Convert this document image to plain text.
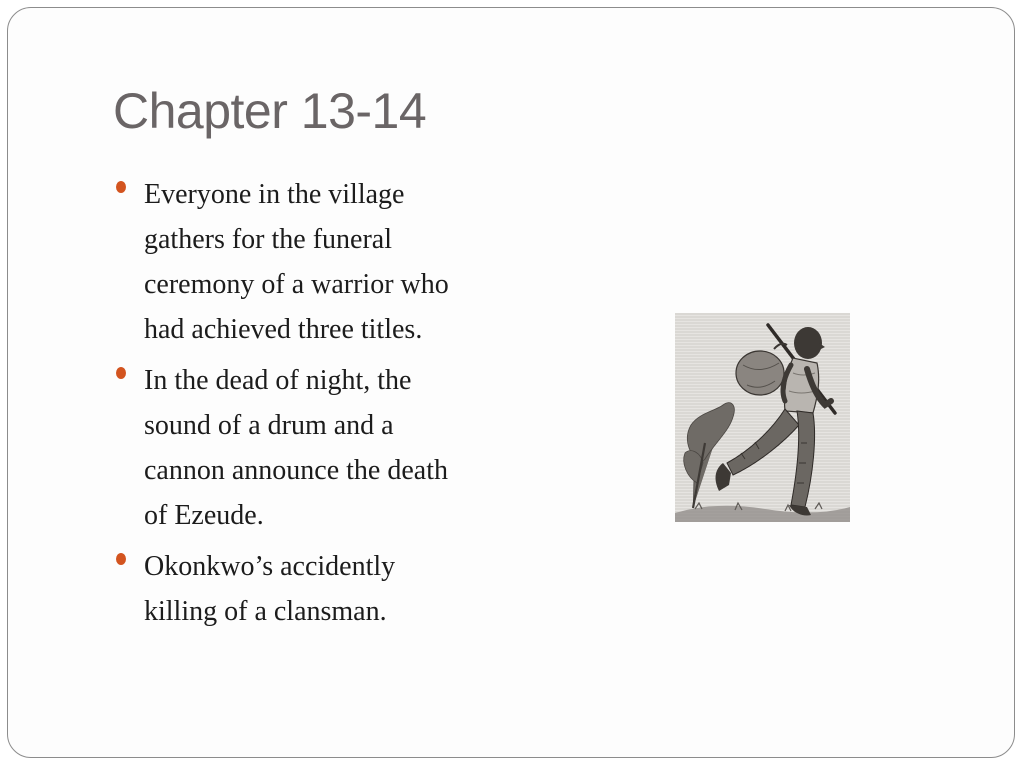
Chapter 13-14
Everyone in the village
gathers for the funeral
ceremony of a warrior who
had achieved three titles.
In the dead of night, the
sound of a drum and a
cannon announce the death
of Ezeude.
Okonkwo’s accidently
killing of a clansman.
